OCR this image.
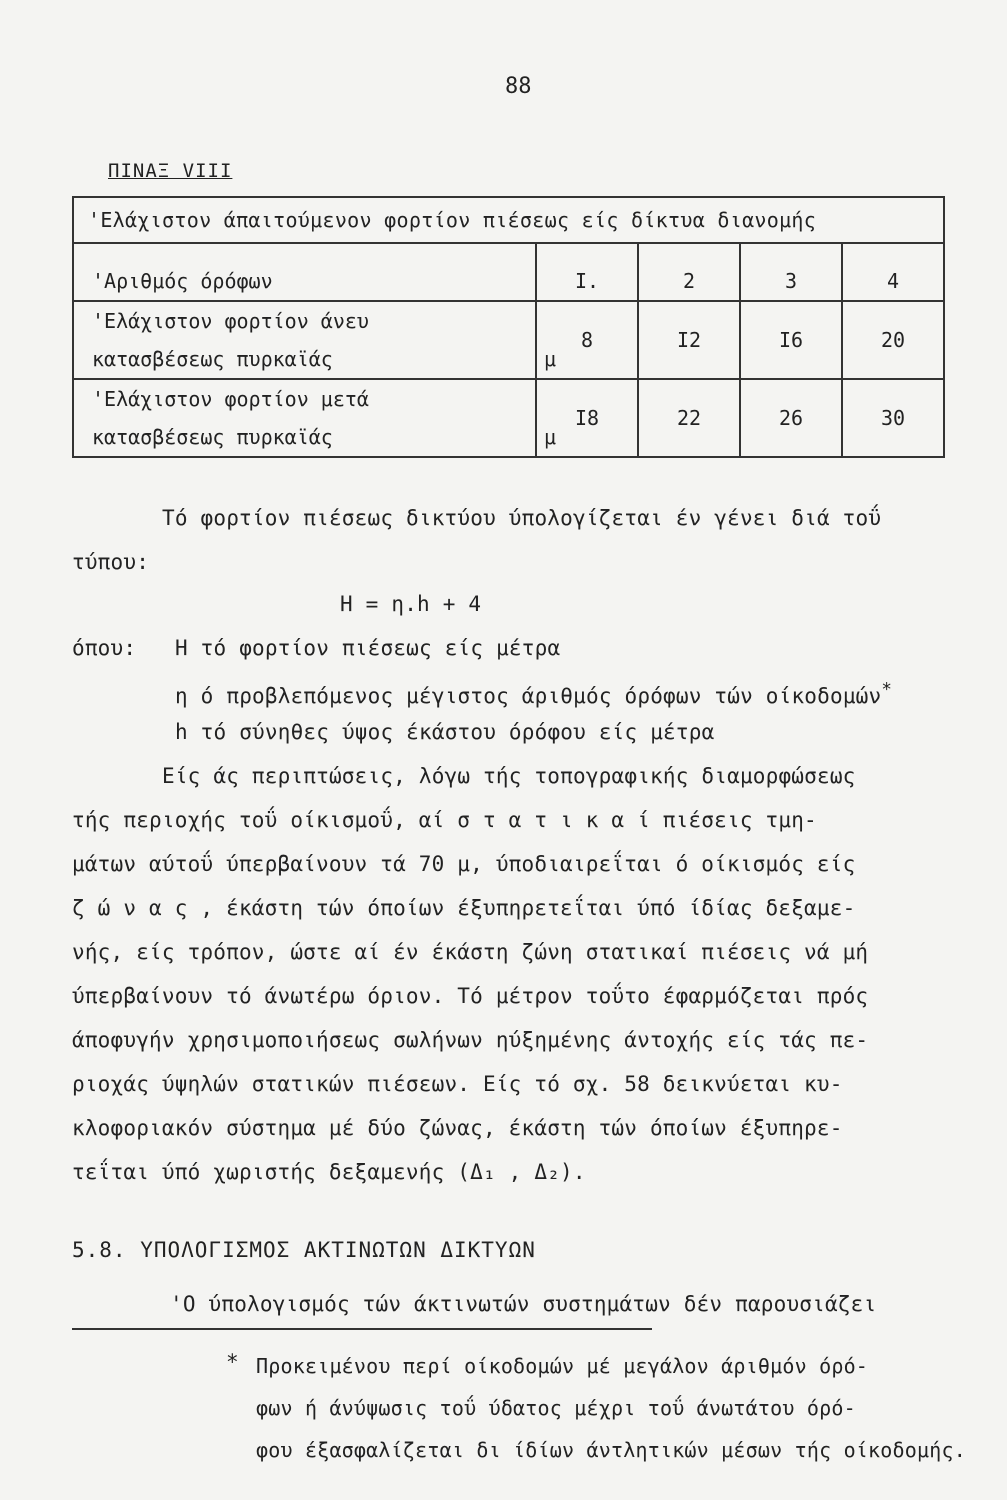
88
ΠΙΝΑΞ VIII
'Ελάχιστον άπαιτούμενον φορτίον πιέσεως είς δίκτυα διανομής				

'Αριθμός όρόφων	I.	2	3	4

'Ελάχιστον φορτίον άνευ
κατασβέσεως πυρκαϊάς μ	8	I2	I6	20

'Ελάχιστον φορτίον μετά
κατασβέσεως πυρκαϊάς μ	I8	22	26	30
Τό φορτίον πιέσεως δικτύου ύπολογίζεται έν γένει διά τοΰ
τύπου:
Η = η.h + 4
όπου: Η τό φορτίον πιέσεως είς μέτρα
η ό προβλεπόμενος μέγιστος άριθμός όρόφων τών οίκοδομών*
h τό σύνηθες ύψος έκάστου όρόφου είς μέτρα
Είς άς περιπτώσεις, λόγω τής τοπογραφικής διαμορφώσεως
τής περιοχής τοΰ οίκισμοΰ, αί σ τ α τ ι κ α ί πιέσεις τμη-
μάτων αύτοΰ ύπερβαίνουν τά 70 μ, ύποδιαιρεΐται ό οίκισμός είς
ζ ώ ν α ς , έκάστη τών όποίων έξυπηρετεΐται ύπό ίδίας δεξαμε-
νής, είς τρόπον, ώστε αί έν έκάστη ζώνη στατικαί πιέσεις νά μή
ύπερβαίνουν τό άνωτέρω όριον. Τό μέτρον τοΰτο έφαρμόζεται πρός
άποφυγήν χρησιμοποιήσεως σωλήνων ηύξημένης άντοχής είς τάς πε-
ριοχάς ύψηλών στατικών πιέσεων. Είς τό σχ. 58 δεικνύεται κυ-
κλοφοριακόν σύστημα μέ δύο ζώνας, έκάστη τών όποίων έξυπηρε-
τεΐται ύπό χωριστής δεξαμενής (Δ₁ , Δ₂).
5.8. ΥΠΟΛΟΓΙΣΜΟΣ ΑΚΤΙΝΩΤΩΝ ΔΙΚΤΥΩΝ
'Ο ύπολογισμός τών άκτινωτών συστημάτων δέν παρουσιάζει
* Προκειμένου περί οίκοδομών μέ μεγάλον άριθμόν όρό-
φων ή άνύψωσις τοΰ ύδατος μέχρι τοΰ άνωτάτου όρό-
φου έξασφαλίζεται δι ίδίων άντλητικών μέσων τής οίκοδομής.
